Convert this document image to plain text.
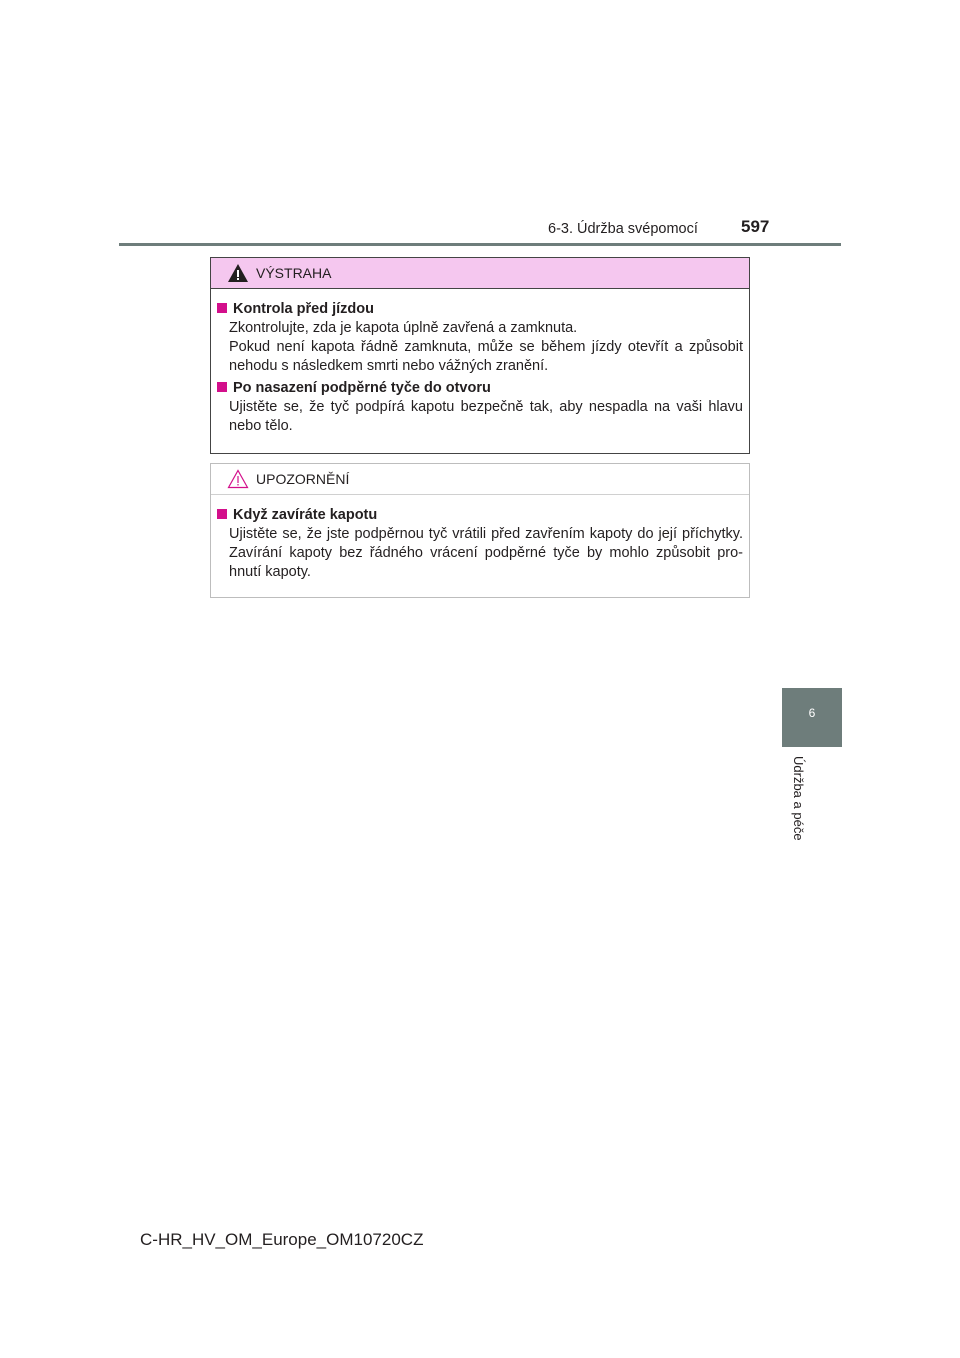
6-3. Údržba svépomocí	597
6
Údržba a péče
VÝSTRAHA
Kontrola před jízdou
Zkontrolujte, zda je kapota úplně zavřená a zamknuta.
Pokud není kapota řádně zamknuta, může se během jízdy otevřít a způsobit nehodu s následkem smrti nebo vážných zranění.
Po nasazení podpěrné tyče do otvoru
Ujistěte se, že tyč podpírá kapotu bezpečně tak, aby nespadla na vaši hlavu nebo tělo.
UPOZORNĚNÍ
Když zavíráte kapotu
Ujistěte se, že jste podpěrnou tyč vrátili před zavřením kapoty do její příchytky. Zavírání kapoty bez řádného vrácení podpěrné tyče by mohlo způsobit pro-hnutí kapoty.
C-HR_HV_OM_Europe_OM10720CZ
